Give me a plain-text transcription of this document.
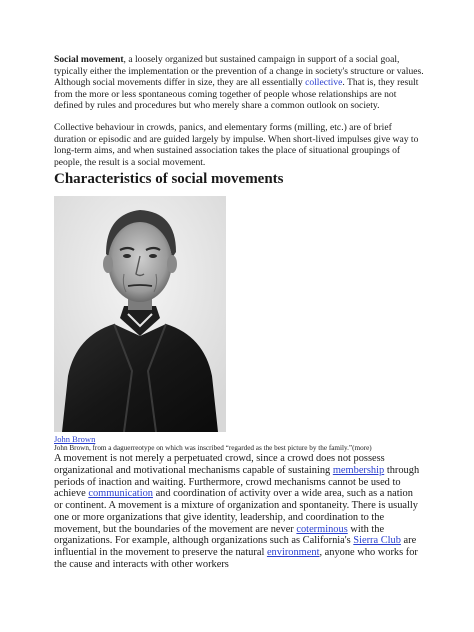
Social movement, a loosely organized but sustained campaign in support of a social goal, typically either the implementation or the prevention of a change in society's structure or values. Although social movements differ in size, they are all essentially collective. That is, they result from the more or less spontaneous coming together of people whose relationships are not defined by rules and procedures but who merely share a common outlook on society.

Collective behaviour in crowds, panics, and elementary forms (milling, etc.) are of brief duration or episodic and are guided largely by impulse. When short-lived impulses give way to long-term aims, and when sustained association takes the place of situational groupings of people, the result is a social movement.

Characteristics of social movements
John Brown

John Brown, from a daguerreotype on which was inscribed “regarded as the best picture by the family.”(more)

A movement is not merely a perpetuated crowd, since a crowd does not possess organizational and motivational mechanisms capable of sustaining membership through periods of inaction and waiting. Furthermore, crowd mechanisms cannot be used to achieve communication and coordination of activity over a wide area, such as a nation or continent. A movement is a mixture of organization and spontaneity. There is usually one or more organizations that give identity, leadership, and coordination to the movement, but the boundaries of the movement are never coterminous with the organizations. For example, although organizations such as California's Sierra Club are influential in the movement to preserve the natural environment, anyone who works for the cause and interacts with other workers
